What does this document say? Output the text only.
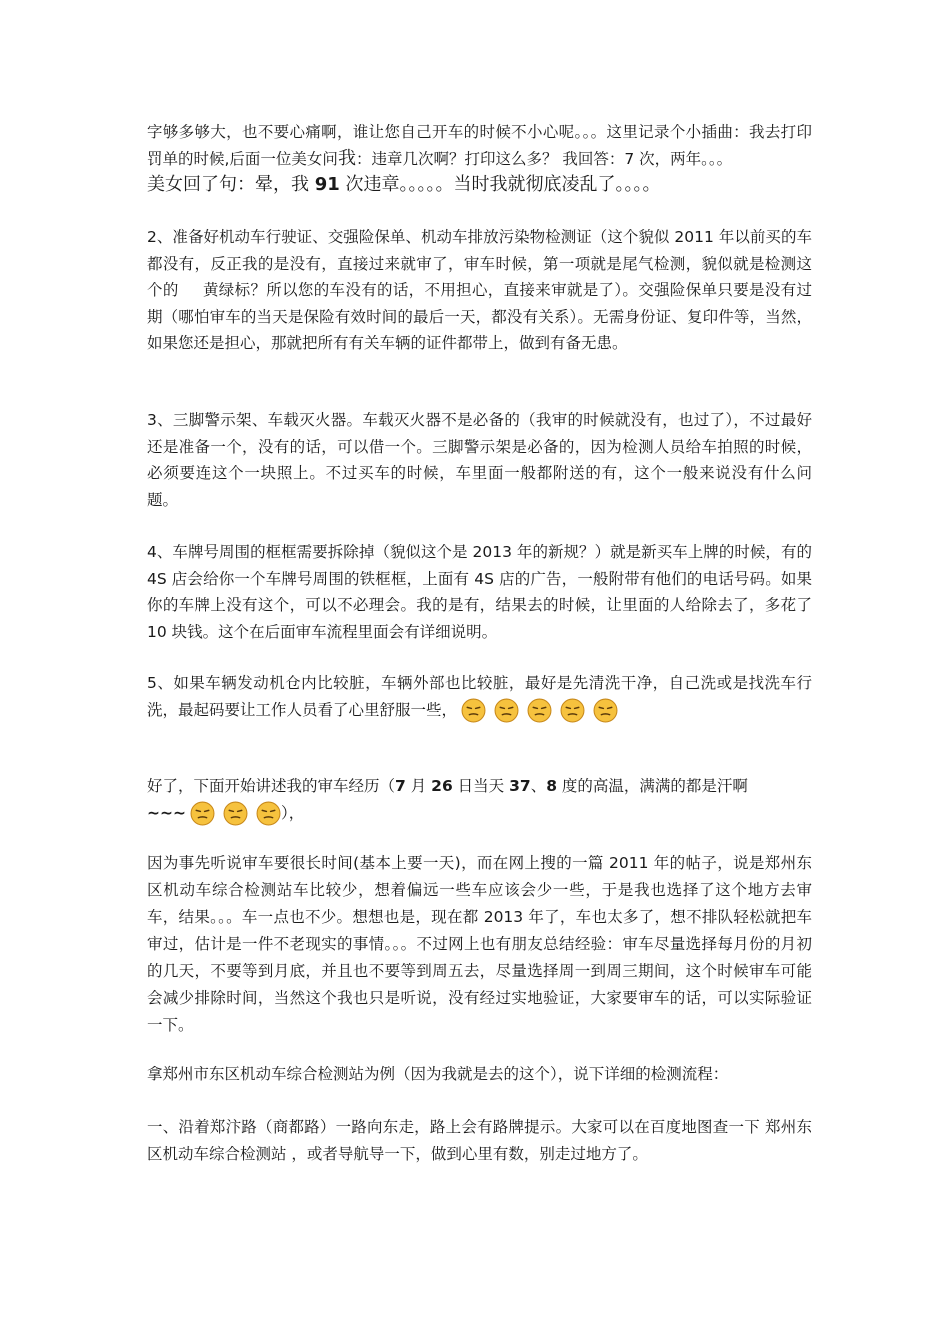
字够多够大，也不要心痛啊，谁让您自己开车的时候不小心呢。。。这里记录个小插曲：我去打印罚单的时候,后面一位美女问我：违章几次啊？打印这么多？ 我回答：7 次，两年。。。
美女回了句：晕，我 91 次违章。。。。。当时我就彻底凌乱了。。。。
2、准备好机动车行驶证、交强险保单、机动车排放污染物检测证（这个貌似 2011 年以前买的车都没有，反正我的是没有，直接过来就审了，审车时候，第一项就是尾气检测，貌似就是检测这个的 黄绿标？所以您的车没有的话，不用担心，直接来审就是了）。交强险保单只要是没有过期（哪怕审车的当天是保险有效时间的最后一天，都没有关系）。无需身份证、复印件等，当然，如果您还是担心，那就把所有有关车辆的证件都带上，做到有备无患。
3、三脚警示架、车载灭火器。车载灭火器不是必备的（我审的时候就没有，也过了），不过最好还是准备一个，没有的话，可以借一个。三脚警示架是必备的，因为检测人员给车拍照的时候，必须要连这个一块照上。不过买车的时候，车里面一般都附送的有，这个一般来说没有什么问题。
4、车牌号周围的框框需要拆除掉（貌似这个是 2013 年的新规？）就是新买车上牌的时候，有的 4S 店会给你一个车牌号周围的铁框框，上面有 4S 店的广告，一般附带有他们的电话号码。如果你的车牌上没有这个，可以不必理会。我的是有，结果去的时候，让里面的人给除去了，多花了 10 块钱。这个在后面审车流程里面会有详细说明。
5、如果车辆发动机仓内比较脏，车辆外部也比较脏，最好是先清洗干净，自己洗或是找洗车行洗，最起码要让工作人员看了心里舒服一些，
好了，下面开始讲述我的审车经历（7 月 26 日当天 37、8 度的高温，满满的都是汗啊
~~~	），
因为事先听说审车要很长时间(基本上要一天)，而在网上搜的一篇 2011 年的帖子，说是郑州东区机动车综合检测站车比较少，想着偏远一些车应该会少一些，于是我也选择了这个地方去审车，结果。。。车一点也不少。想想也是，现在都 2013 年了，车也太多了，想不排队轻松就把车审过，估计是一件不老现实的事情。。。不过网上也有朋友总结经验：审车尽量选择每月份的月初的几天，不要等到月底，并且也不要等到周五去，尽量选择周一到周三期间，这个时候审车可能会减少排除时间，当然这个我也只是听说，没有经过实地验证，大家要审车的话，可以实际验证一下。
拿郑州市东区机动车综合检测站为例（因为我就是去的这个），说下详细的检测流程：
一、沿着郑汴路（商都路）一路向东走，路上会有路牌提示。大家可以在百度地图查一下 郑州东区机动车综合检测站 ，或者导航导一下，做到心里有数，别走过地方了。
